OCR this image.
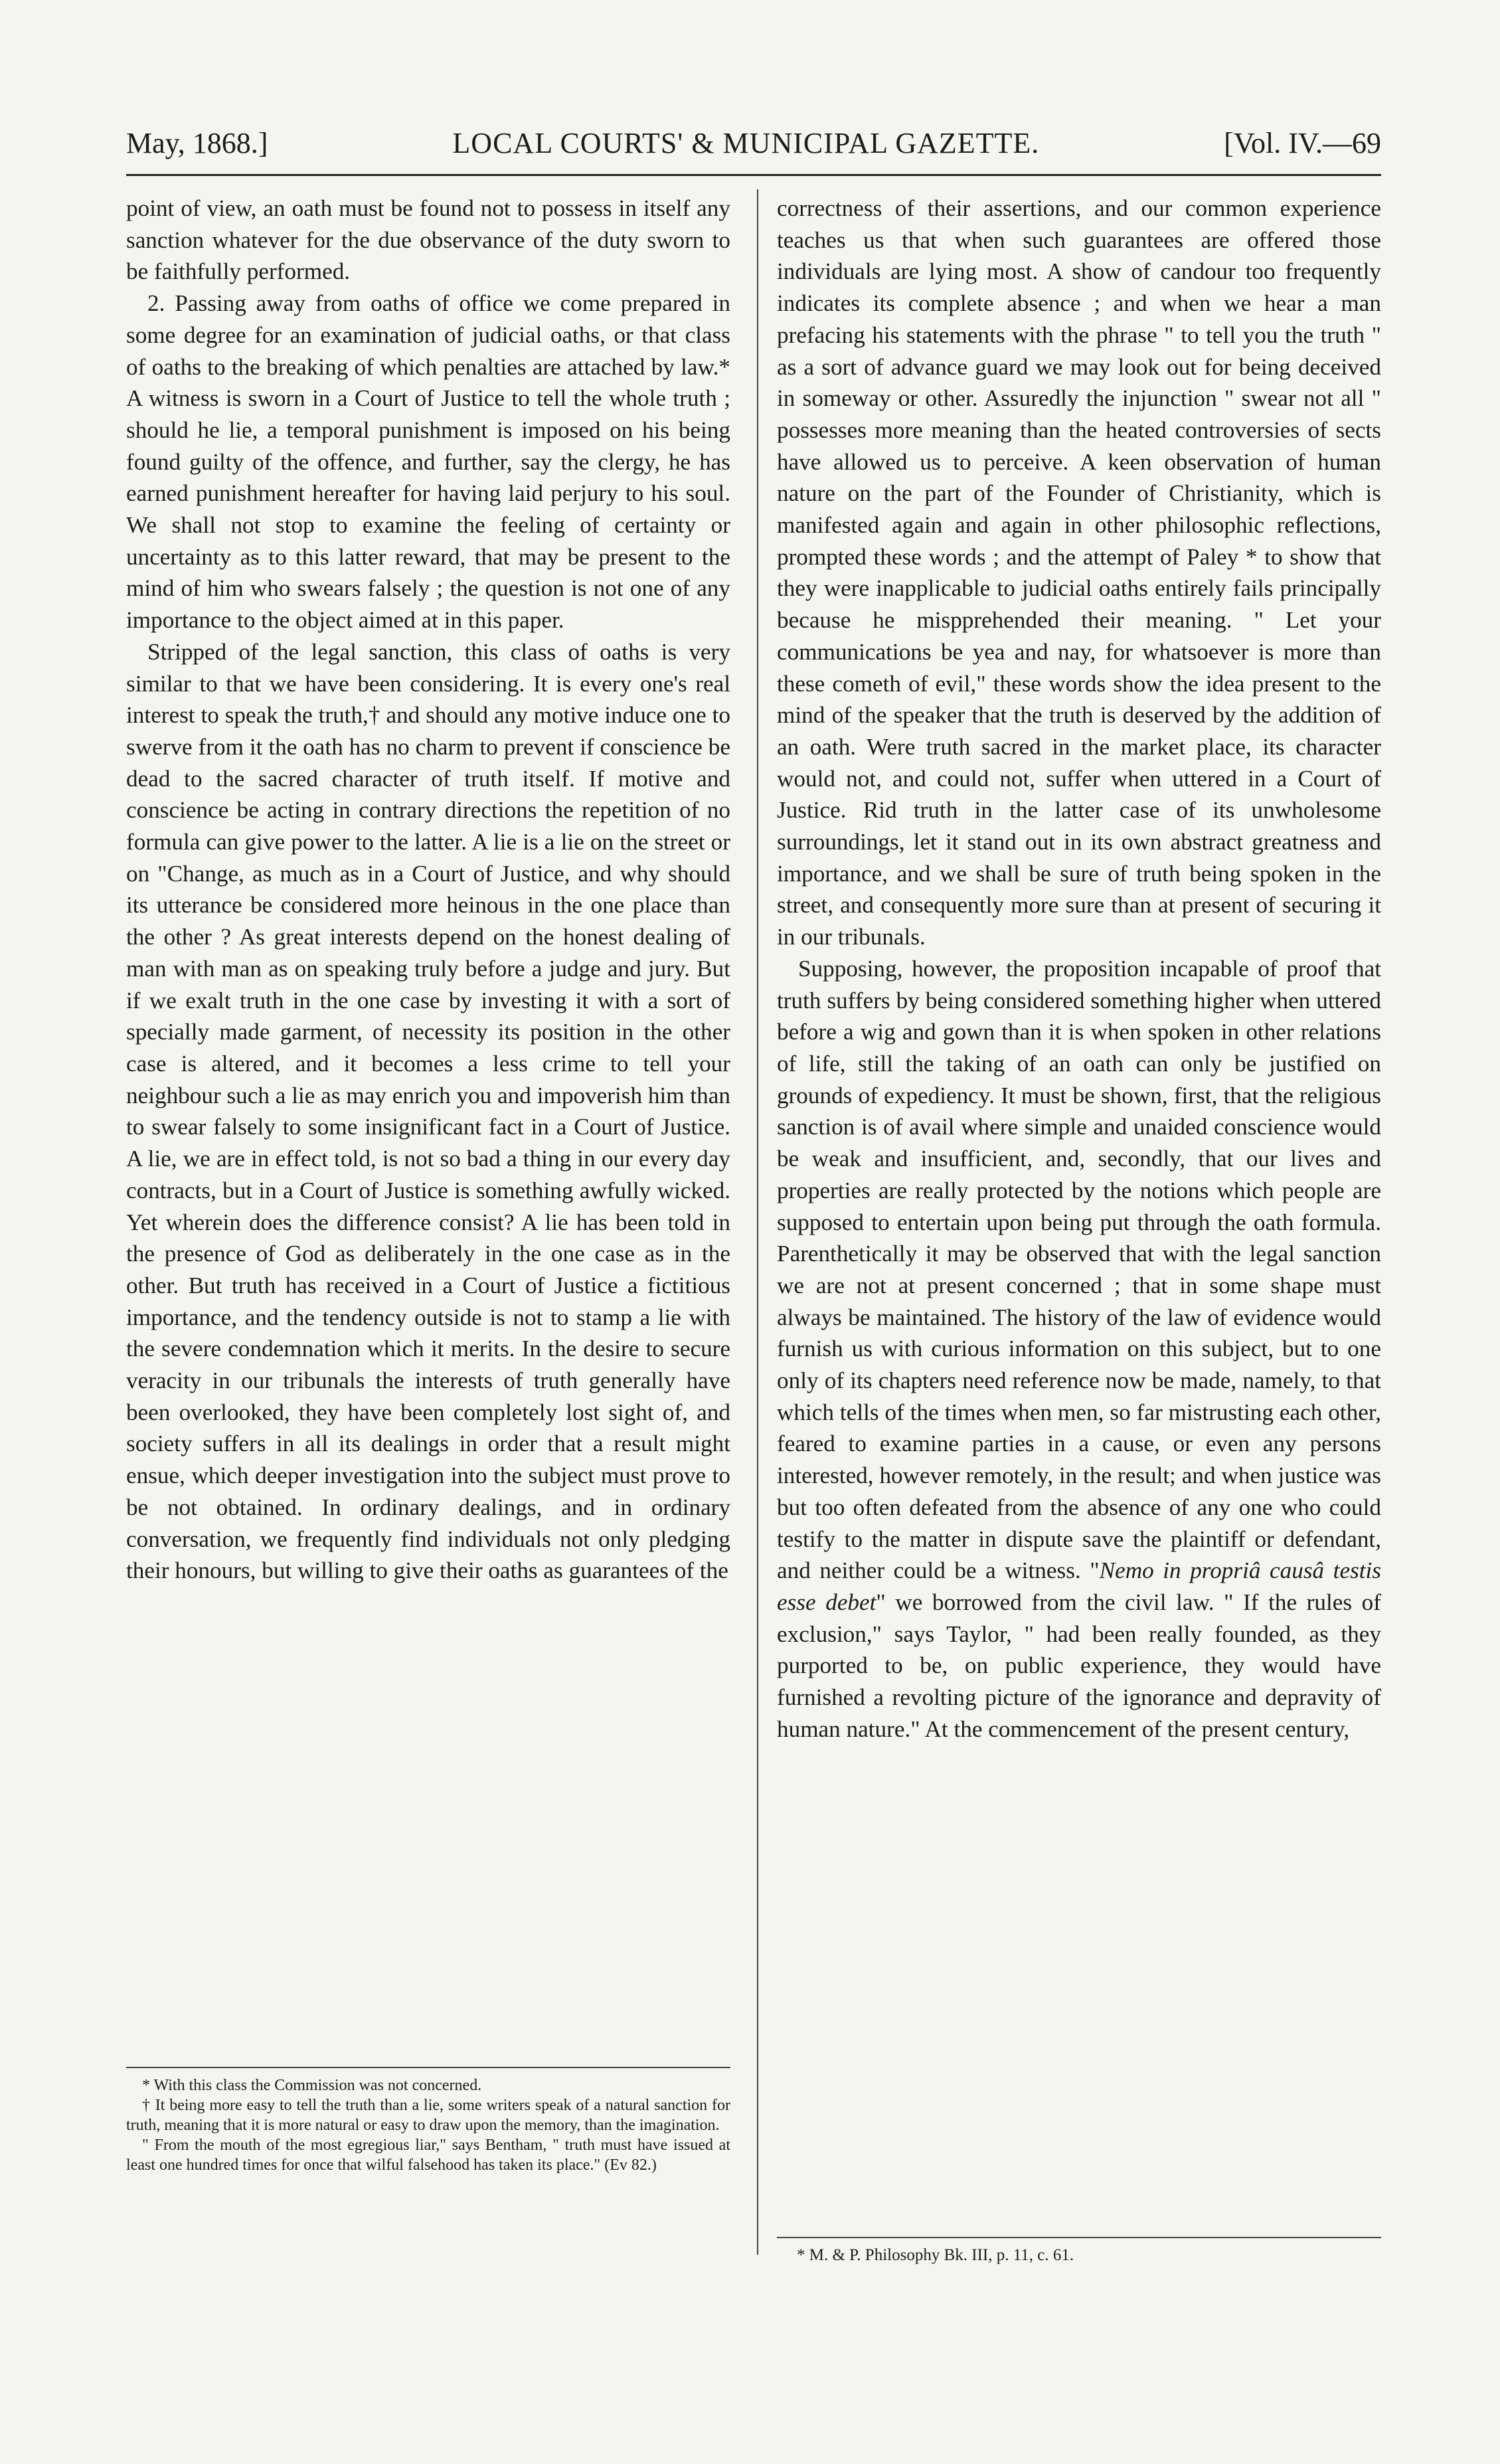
May, 1868.]	LOCAL COURTS' & MUNICIPAL GAZETTE.	[Vol. IV.—69

point of view, an oath must be found not to possess in itself any sanction whatever for the due observance of the duty sworn to be faithfully performed.

2. Passing away from oaths of office we come prepared in some degree for an examination of judicial oaths, or that class of oaths to the breaking of which penalties are attached by law.* A witness is sworn in a Court of Justice to tell the whole truth ; should he lie, a temporal punishment is imposed on his being found guilty of the offence, and further, say the clergy, he has earned punishment hereafter for having laid perjury to his soul. We shall not stop to examine the feeling of certainty or uncertainty as to this latter reward, that may be present to the mind of him who swears falsely ; the question is not one of any importance to the object aimed at in this paper.

Stripped of the legal sanction, this class of oaths is very similar to that we have been considering. It is every one's real interest to speak the truth,† and should any motive induce one to swerve from it the oath has no charm to prevent if conscience be dead to the sacred character of truth itself. If motive and conscience be acting in contrary directions the repetition of no formula can give power to the latter. A lie is a lie on the street or on "Change, as much as in a Court of Justice, and why should its utterance be considered more heinous in the one place than the other ? As great interests depend on the honest dealing of man with man as on speaking truly before a judge and jury. But if we exalt truth in the one case by investing it with a sort of specially made garment, of necessity its position in the other case is altered, and it becomes a less crime to tell your neighbour such a lie as may enrich you and impoverish him than to swear falsely to some insignificant fact in a Court of Justice. A lie, we are in effect told, is not so bad a thing in our every day contracts, but in a Court of Justice is something awfully wicked. Yet wherein does the difference consist? A lie has been told in the presence of God as deliberately in the one case as in the other. But truth has received in a Court of Justice a fictitious importance, and the tendency outside is not to stamp a lie with the severe condemnation which it merits. In the desire to secure veracity in our tribunals the interests of truth generally have been overlooked, they have been completely lost sight of, and society suffers in all its dealings in order that a result might ensue, which deeper investigation into the subject must prove to be not obtained. In ordinary dealings, and in ordinary conversation, we frequently find individuals not only pledging their honours, but willing to give their oaths as guarantees of the

* With this class the Commission was not concerned.

† It being more easy to tell the truth than a lie, some writers speak of a natural sanction for truth, meaning that it is more natural or easy to draw upon the memory, than the imagination.

" From the mouth of the most egregious liar," says Bentham, " truth must have issued at least one hundred times for once that wilful falsehood has taken its place." (Ev 82.)

correctness of their assertions, and our common experience teaches us that when such guarantees are offered those individuals are lying most. A show of candour too frequently indicates its complete absence ; and when we hear a man prefacing his statements with the phrase " to tell you the truth " as a sort of advance guard we may look out for being deceived in someway or other. Assuredly the injunction " swear not all " possesses more meaning than the heated controversies of sects have allowed us to perceive. A keen observation of human nature on the part of the Founder of Christianity, which is manifested again and again in other philosophic reflections, prompted these words ; and the attempt of Paley * to show that they were inapplicable to judicial oaths entirely fails principally because he mispprehended their meaning. " Let your communications be yea and nay, for whatsoever is more than these cometh of evil," these words show the idea present to the mind of the speaker that the truth is deserved by the addition of an oath. Were truth sacred in the market place, its character would not, and could not, suffer when uttered in a Court of Justice. Rid truth in the latter case of its unwholesome surroundings, let it stand out in its own abstract greatness and importance, and we shall be sure of truth being spoken in the street, and consequently more sure than at present of securing it in our tribunals.

Supposing, however, the proposition incapable of proof that truth suffers by being considered something higher when uttered before a wig and gown than it is when spoken in other relations of life, still the taking of an oath can only be justified on grounds of expediency. It must be shown, first, that the religious sanction is of avail where simple and unaided conscience would be weak and insufficient, and, secondly, that our lives and properties are really protected by the notions which people are supposed to entertain upon being put through the oath formula. Parenthetically it may be observed that with the legal sanction we are not at present concerned ; that in some shape must always be maintained. The history of the law of evidence would furnish us with curious information on this subject, but to one only of its chapters need reference now be made, namely, to that which tells of the times when men, so far mistrusting each other, feared to examine parties in a cause, or even any persons interested, however remotely, in the result; and when justice was but too often defeated from the absence of any one who could testify to the matter in dispute save the plaintiff or defendant, and neither could be a witness. "Nemo in propriâ causâ testis esse debet" we borrowed from the civil law. " If the rules of exclusion," says Taylor, " had been really founded, as they purported to be, on public experience, they would have furnished a revolting picture of the ignorance and depravity of human nature." At the commencement of the present century,

* M. & P. Philosophy Bk. III, p. 11, c. 61.
